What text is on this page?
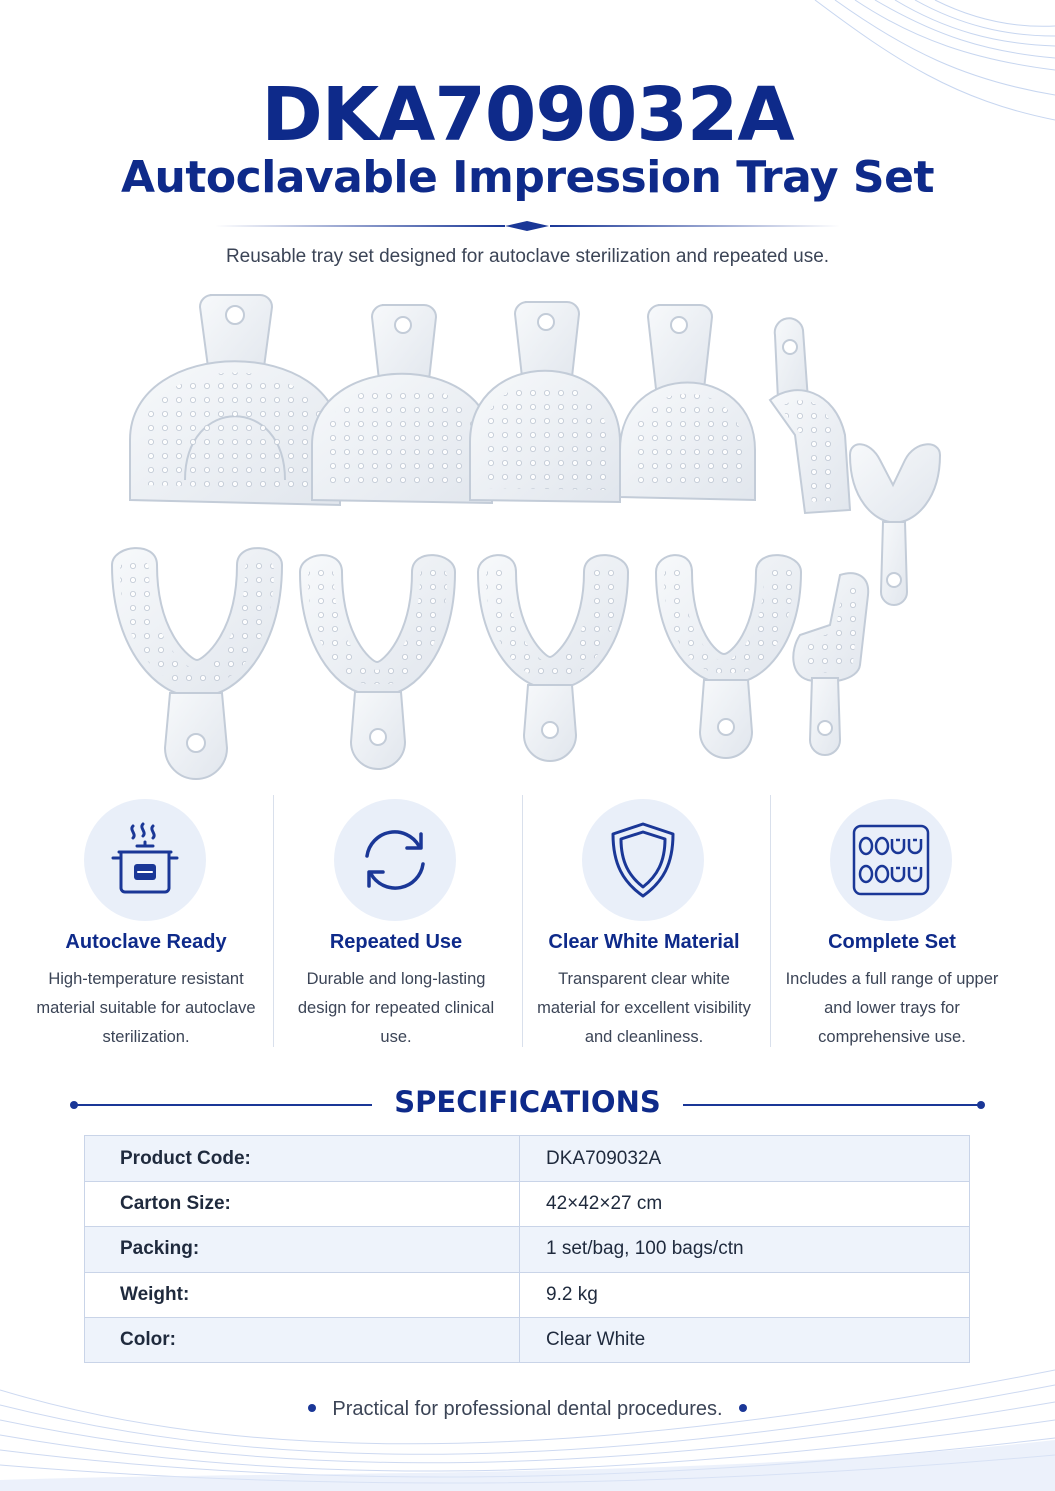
DKA709032A
Autoclavable Impression Tray Set

Reusable tray set designed for autoclave sterilization and repeated use.

Autoclave Ready
High-temperature resistant material suitable for autoclave sterilization.
Repeated Use
Durable and long-lasting design for repeated clinical use.
Clear White Material
Transparent clear white material for excellent visibility and cleanliness.
Complete Set
Includes a full range of upper and lower trays for comprehensive use.
SPECIFICATIONS
Product Code:	DKA709032A
Carton Size:	42×42×27 cm
Packing:	1 set/bag, 100 bags/ctn
Weight:	9.2 kg
Color:	Clear White

Practical for professional dental procedures.
